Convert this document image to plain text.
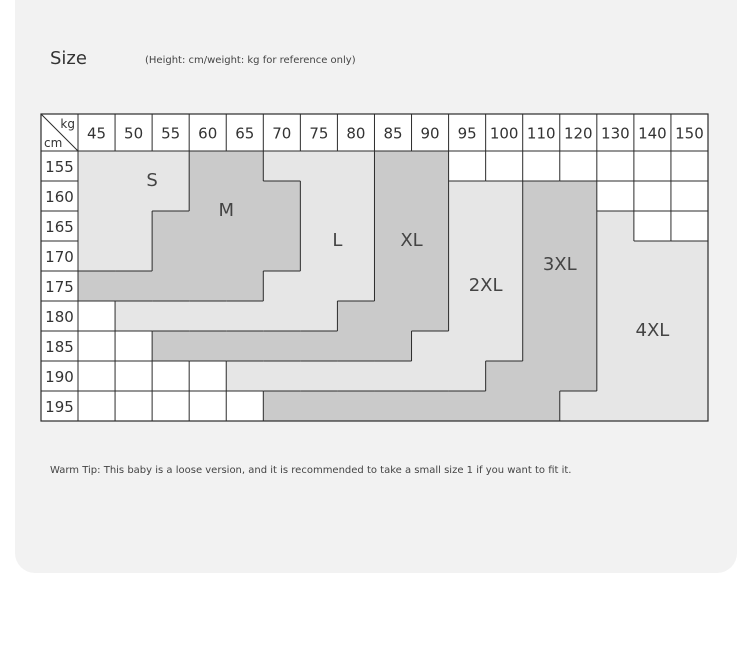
Size	(Height: cm/weight: kg for reference only)
kg
cm
45 50 55 60 65 70 75 80 85 90 95 100 110 120 130 140 150
155
160
165
170
175
180
185
190
195
S
M
L	XL
2XL
3XL
4XL
Warm Tip: This baby is a loose version, and it is recommended to take a small size 1 if you want to fit it.
